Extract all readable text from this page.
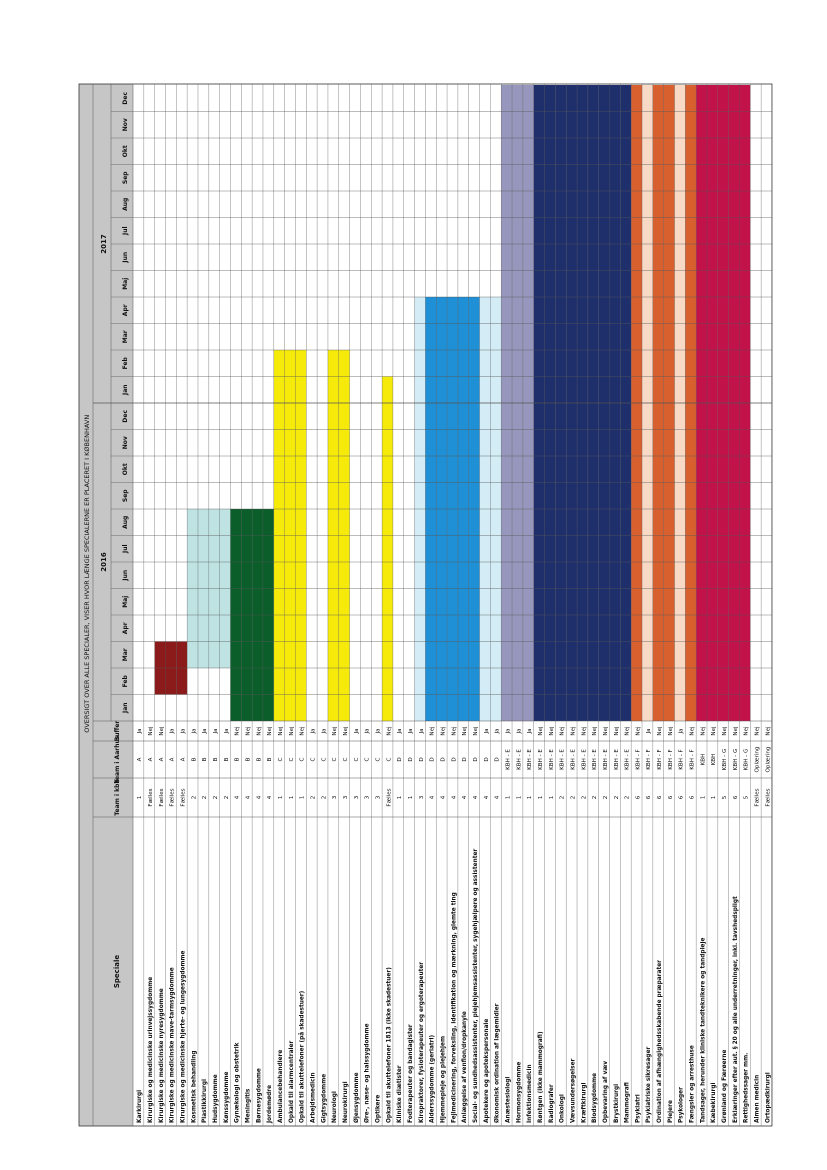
OVERSIGT OVER ALLE SPECIALER, VISER HVOR LÆNGE SPECIALERNE ER PLACERET I KØBENHAVN
Speciale
Team i kbh
Team i Aarhus
Buffer
2016
2017
Jan
Feb
Mar
Apr
Maj
Jun
Jul
Aug
Sep
Okt
Nov
Dec
Jan
Feb
Mar
Apr
Maj
Jun
Jul
Aug
Sep
Okt
Nov
Dec
Karkirurgi
1
A
Ja
Kirurgiske og medicinske urinvejssygdomme
Fælles
A
Nej
Kirurgiske og medicinske nyresygdomme
Fælles
A
Nej
Kirurgiske og medicinske mave-tarmsygdomme
Fælles
A
Ja
Kirurgiske og medicinske hjerte- og lungesygdomme
Fælles
A
Ja
Kosmetisk behandling
2
B
Ja
Plastikkirurgi
2
B
Ja
Hudsygdomme
2
B
Ja
Kønssygdomme
2
B
Ja
Gynækologi og obstetrik
4
B
Nej
Meningitis
4
B
Nej
Børnesygdomme
4
B
Nej
Jordemødre
4
B
Nej
Ambulancebehandlere
1
C
Nej
Opkald til alarmcentraler
1
C
Nej
Opkald til akuttelefoner (på skadestuer)
1
C
Nej
Arbejdsmedicin
2
C
Ja
Gigtsygdomme
2
C
Ja
Neurologi
3
C
Nej
Neurokirurgi
3
C
Nej
Øjensygdomme
3
C
Ja
Øre-, næse- og halssygdomme
3
C
Ja
Optikere
3
C
Ja
Opkald til akuttelefoner 1813 (ikke skadestuer)
Fælles
C
Nej
Kliniske diætister
1
D
Ja
Fodterapeuter og bandagister
1
D
Ja
Kiropraktorer, fysioterapeuter og ergoterapeuter
3
D
Ja
Alderssygdomme (geriatri)
4
D
Nej
Hjemmepleje og plejehjem
4
D
Nej
Fejlmedicinering, forveksling, identifikation og mærkning, glemte ting
4
D
Nej
Anlæggelse af venflon/dropkanyle
4
D
Nej
Social- og sundhedsassistenter, plejehjemsassistenter, sygehjælpere og assistenter
4
D
Nej
Apotekere og apotekspersonale
4
D
Ja
Økonomisk ordination af lægemidler
4
D
Ja
Anæstesiologi
1
KBH - E
Ja
Hormonsygdomme
1
KBH - E
Ja
Infektionsmedicin
1
KBH - E
Ja
Røntgen (ikke mammografi)
1
KBH - E
Nej
Radiografer
1
KBH - E
Nej
Onkologi
2
KBH - E
Nej
Vævsundersøgelser
2
KBH - E
Nej
Kræftkirurgi
2
KBH - E
Nej
Blodsygdomme
2
KBH - E
Nej
Opbevaring af væv
2
KBH - E
Nej
Brystkirurgi
2
KBH - E
Nej
Mammografi
2
KBH - E
Nej
Psykiatri
6
KBH - F
Nej
Psykiatriske sikresager
6
KBH - F
Ja
Ordination af afhængighedsskabende præparater
6
KBH - F
Nej
Plejere
6
KBH - F
Nej
Psykologer
6
KBH - F
Ja
Fængsler og arresthuse
6
KBH - F
Nej
Tandsager, herunder kliniske tandteknikere og tandpleje
1
KBH
Nej
Kæbekirurgi
1
KBH
Nej
Grønland og Færøerne
5
KBH - G
Nej
Erklæringer efter aut. § 20 og alle underretninger, inkl. tavshedspligt
6
KBH - G
Nej
Rettighedssager mm.
5
KBH - G
Nej
Almen medicin
Fælles
Oplæring
Nej
Ortopædkirurgi
Fælles
Oplæring
Nej
